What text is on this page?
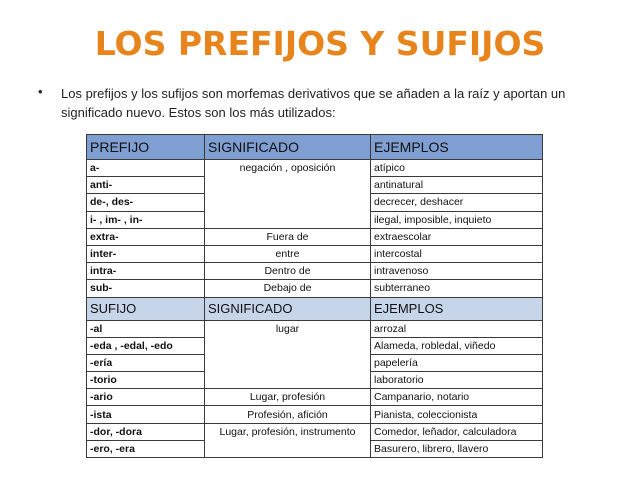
LOS PREFIJOS Y SUFIJOS
• Los prefijos y los sufijos son morfemas derivativos que se añaden a la raíz y aportan un significado nuevo. Estos son los más utilizados:
PREFIJO	SIGNIFICADO	EJEMPLOS
a-	negación , oposición	atípico
anti-		antinatural
de-, des-		decrecer, deshacer
i- , im- , in-		ilegal, imposible, inquieto
extra-	Fuera de	extraescolar
inter-	entre	intercostal
intra-	Dentro de	intravenoso
sub-	Debajo de	subterraneo
SUFIJO	SIGNIFICADO	EJEMPLOS
-al	lugar	arrozal
-eda , -edal, -edo		Alameda, robledal, viñedo
-ería		papelería
-torio		laboratorio
-ario	Lugar, profesión	Campanario, notario
-ista	Profesión, afición	Pianista, coleccionista
-dor, -dora	Lugar, profesión, instrumento	Comedor, leñador, calculadora
-ero, -era		Basurero, librero, llavero
